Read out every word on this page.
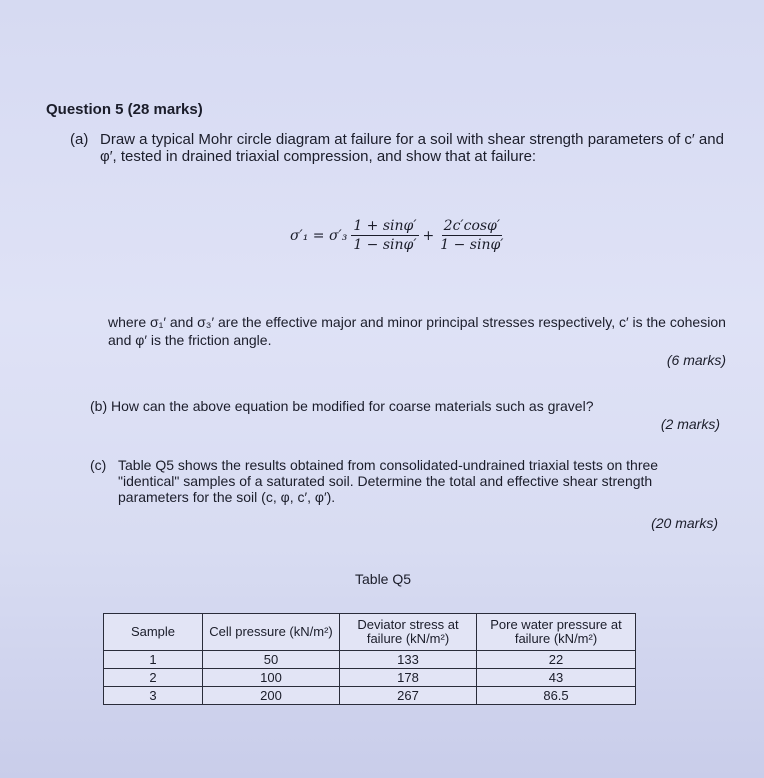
Question 5 (28 marks)
(a) Draw a typical Mohr circle diagram at failure for a soil with shear strength parameters of c′ and φ′, tested in drained triaxial compression, and show that at failure:
$\sigma'_1 = \sigma'_3 \frac{1 + \sin\varphi'}{1 - \sin\varphi'} + \frac{2c'\cos\varphi'}{1 - \sin\varphi'}$
where σ₁′ and σ₃′ are the effective major and minor principal stresses respectively, c′ is the cohesion and φ′ is the friction angle.
(6 marks)
(b) How can the above equation be modified for coarse materials such as gravel?
(2 marks)
(c) Table Q5 shows the results obtained from consolidated-undrained triaxial tests on three "identical" samples of a saturated soil. Determine the total and effective shear strength parameters for the soil (c, φ, c′, φ′).
(20 marks)
Table Q5
Sample	Cell pressure (kN/m²)	Deviator stress at failure (kN/m²)	Pore water pressure at failure (kN/m²)
1	50	133	22
2	100	178	43
3	200	267	86.5
